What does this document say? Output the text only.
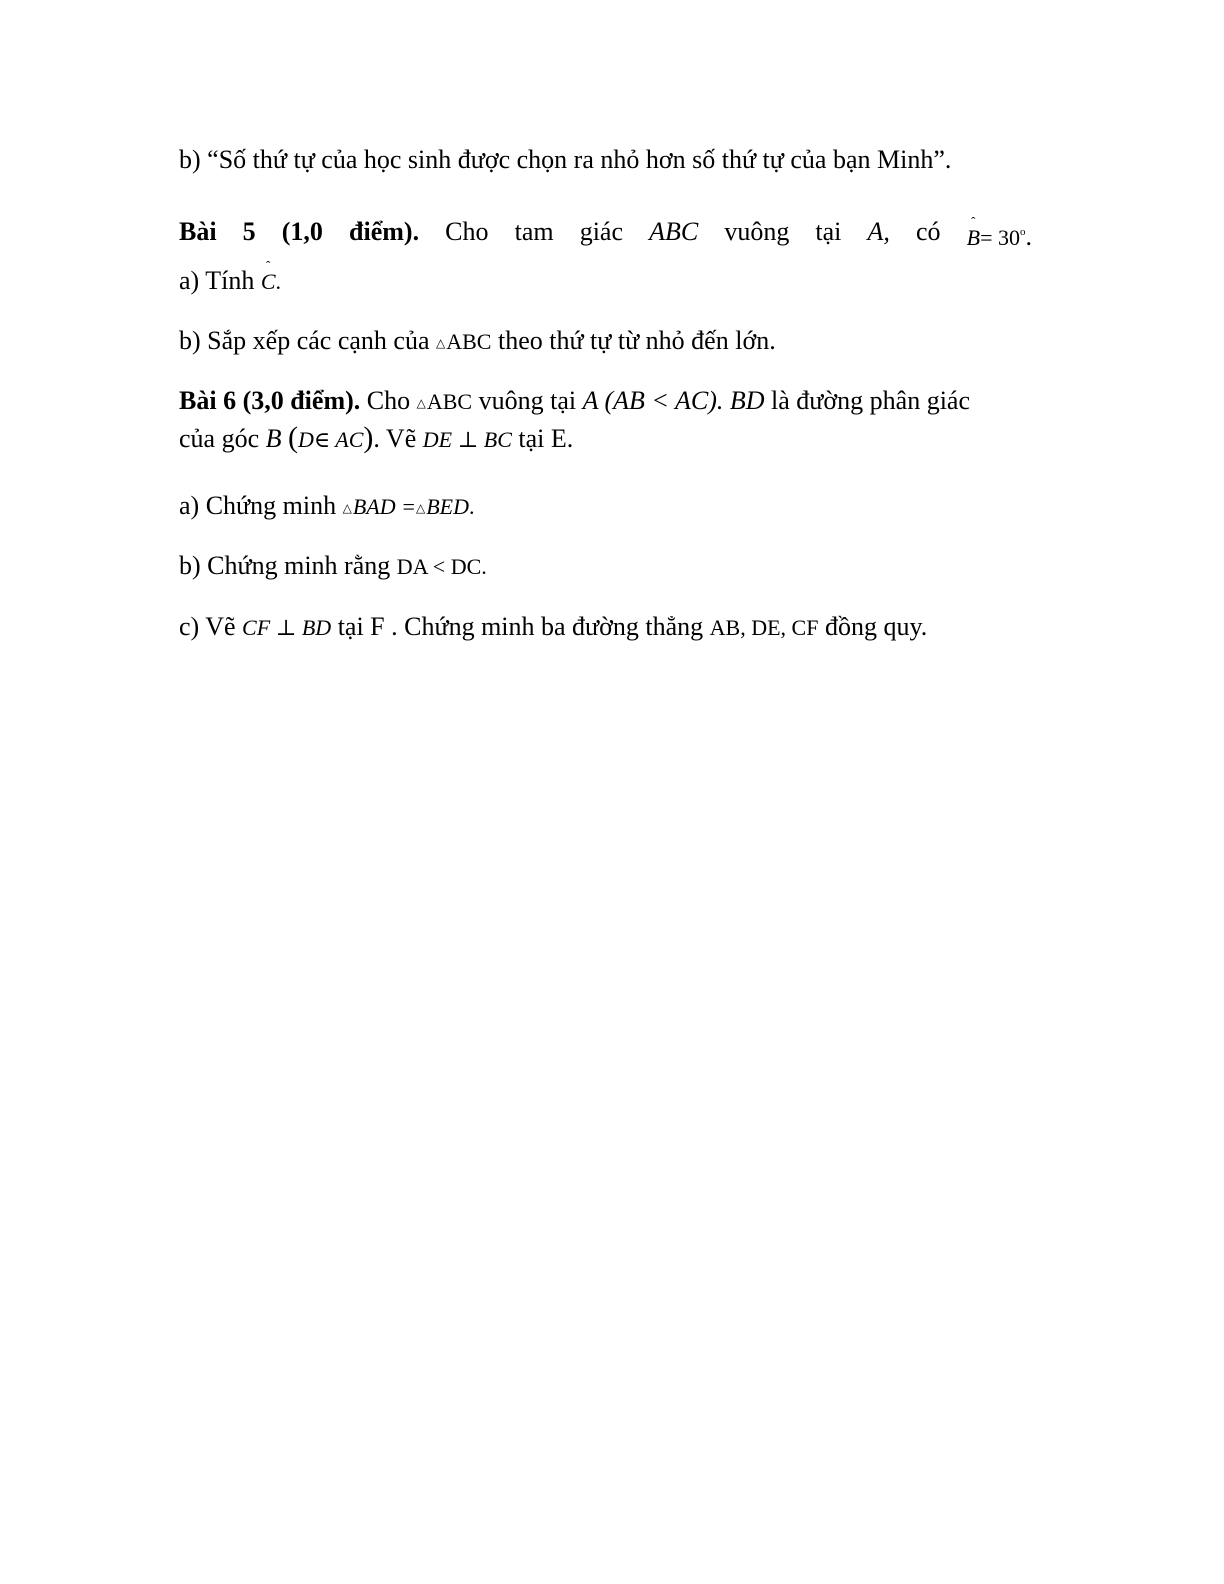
b) “Số thứ tự của học sinh được chọn ra nhỏ hơn số thứ tự của bạn Minh”.
Bài 5 (1,0 điểm). Cho tam giác ABC vuông tại A, có ˆ $B= 30^o$.
a) Tính ˆ C.
b) Sắp xếp các cạnh của △ABC theo thứ tự từ nhỏ đến lớn.
Bài 6 (3,0 điểm). Cho △ABC vuông tại A (AB < AC). BD là đường phân giác
của góc B (D∈ AC). Vẽ DE ⊥ BC tại E.
a) Chứng minh △BAD =△BED.
b) Chứng minh rằng DA < DC.
c) Vẽ CF ⊥ BD tại F . Chứng minh ba đường thẳng AB, DE, CF đồng quy.
